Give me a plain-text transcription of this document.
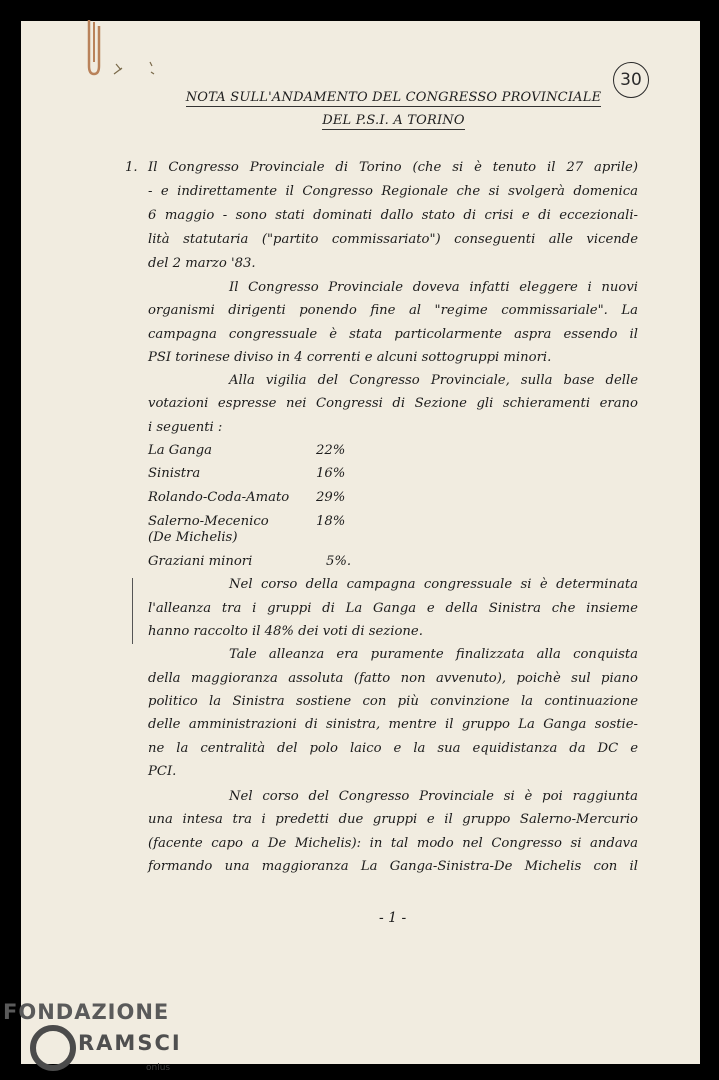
30
NOTA SULL'ANDAMENTO DEL CONGRESSO PROVINCIALE
DEL P.S.I. A TORINO
1. Il Congresso Provinciale di Torino (che si è tenuto il 27 aprile)
- e indirettamente il Congresso Regionale che si svolgerà domenica
6 maggio - sono stati dominati dallo stato di crisi e di eccezionali-
lità statutaria ("partito commissariato") conseguenti alle vicende
del 2 marzo '83.
Il Congresso Provinciale doveva infatti eleggere i nuovi
organismi dirigenti ponendo fine al "regime commissariale". La
campagna congressuale è stata particolarmente aspra essendo il
PSI torinese diviso in 4 correnti e alcuni sottogruppi minori.
Alla vigilia del Congresso Provinciale, sulla base delle
votazioni espresse nei Congressi di Sezione gli schieramenti erano
i seguenti :
La Ganga	22%
Sinistra	16%
Rolando-Coda-Amato 29%
Salerno-Mecenico	18%
(De Michelis)
Graziani minori	5%.
Nel corso della campagna congressuale si è determinata
l'alleanza tra i gruppi di La Ganga e della Sinistra che insieme
hanno raccolto il 48% dei voti di sezione.
Tale alleanza era puramente finalizzata alla conquista
della maggioranza assoluta (fatto non avvenuto), poichè sul piano
politico la Sinistra sostiene con più convinzione la continuazione
delle amministrazioni di sinistra, mentre il gruppo La Ganga sostie-
ne la centralità del polo laico e la sua equidistanza da DC e
PCI.
Nel corso del Congresso Provinciale si è poi raggiunta
una intesa tra i predetti due gruppi e il gruppo Salerno-Mercurio
(facente capo a De Michelis): in tal modo nel Congresso si andava
formando una maggioranza La Ganga-Sinistra-De Michelis con il
- 1 -
FONDAZIONE
RAMSCI
onlus
